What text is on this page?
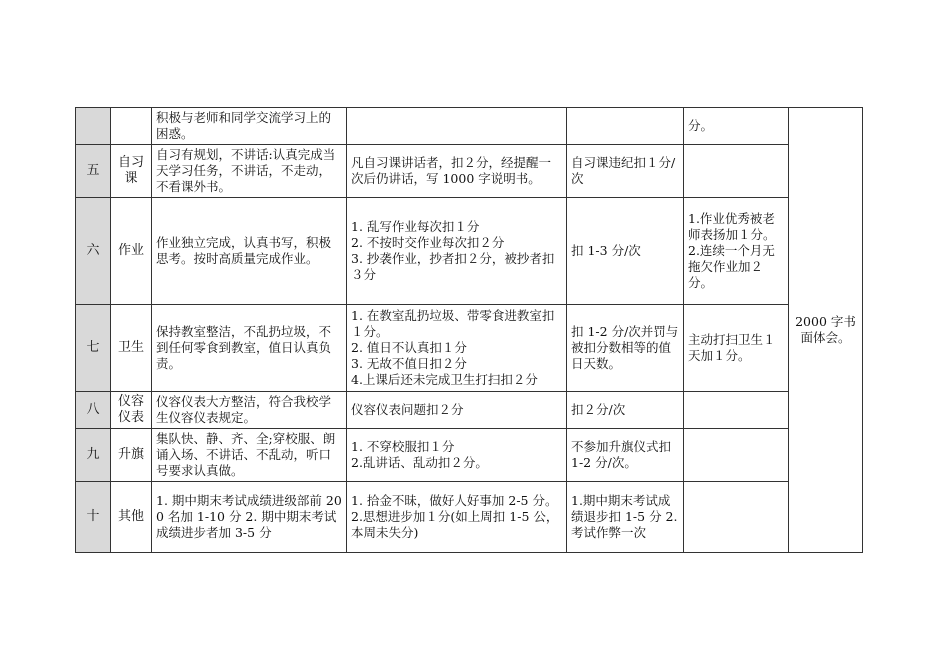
		积极与老师和同学交流学习上的困惑。			分。	2000 字书面体会。
五	自习课	自习有规划，不讲话:认真完成当天学习任务，不讲话，不走动，不看课外书。	凡自习课讲话者，扣２分，经提醒一次后仍讲话，写 1000 字说明书。	自习课违纪扣１分/次		
六	作业	作业独立完成，认真书写，积极思考。按时高质量完成作业。	1. 乱写作业每次扣１分
2. 不按时交作业每次扣２分
3. 抄袭作业，抄者扣２分，被抄者扣３分	扣 1-3 分/次	1.作业优秀被老师表扬加１分。2.连续一个月无拖欠作业加２分。	
七	卫生	保持教室整洁，不乱扔垃圾，不到任何零食到教室，值日认真负责。	1. 在教室乱扔垃圾、带零食进教室扣１分。
2. 值日不认真扣１分
3. 无故不值日扣２分
4.上课后还未完成卫生打扫扣２分	扣 1-2 分/次并罚与被扣分数相等的值日天数。	主动打扫卫生１天加１分。	
八	仪容仪表	仪容仪表大方整洁，符合我校学生仪容仪表规定。	仪容仪表问题扣２分	扣２分/次		
九	升旗	集队快、静、齐、全;穿校服、朗诵入场、不讲话、不乱动，听口号要求认真做。	1. 不穿校服扣１分
2.乱讲话、乱动扣２分。	不参加升旗仪式扣 1-2 分/次。		
十	其他	1. 期中期末考试成绩进级部前 200 名加 1-10 分 2. 期中期末考试成绩进步者加 3-5 分	1. 拾金不昧，做好人好事加 2-5 分。2.思想进步加１分(如上周扣 1-5 公，本周未失分)	1.期中期末考试成绩退步扣 1-5 分 2.考试作弊一次		
